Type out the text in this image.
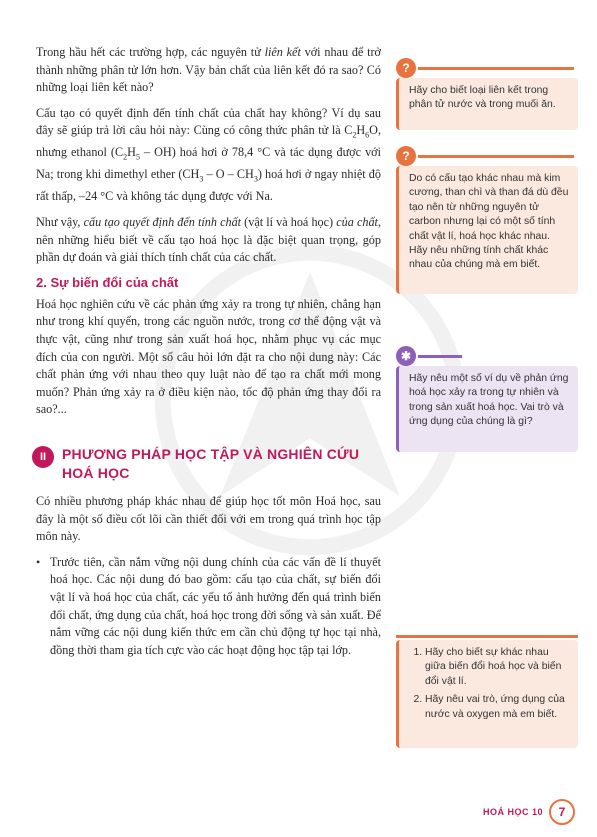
Trong hầu hết các trường hợp, các nguyên tử liên kết với nhau để trở thành những phân tử lớn hơn. Vậy bản chất của liên kết đó ra sao? Có những loại liên kết nào?

Cấu tạo có quyết định đến tính chất của chất hay không? Ví dụ sau đây sẽ giúp trả lời câu hỏi này: Cùng có công thức phân tử là $C_2H_6O$, nhưng ethanol $(C_2H_5 - OH)$ hoá hơi ở 78,4 °C và tác dụng được với Na; trong khi dimethyl ether ($CH_3$ – O – $CH_3$) hoá hơi ở ngay nhiệt độ rất thấp, –24 °C và không tác dụng được với Na.

Như vậy, cấu tạo quyết định đến tính chất (vật lí và hoá học) của chất, nên những hiểu biết về cấu tạo hoá học là đặc biệt quan trọng, góp phần dự đoán và giải thích tính chất của các chất.

2. Sự biến đổi của chất

Hoá học nghiên cứu về các phản ứng xảy ra trong tự nhiên, chẳng hạn như trong khí quyển, trong các nguồn nước, trong cơ thể động vật và thực vật, cũng như trong sản xuất hoá học, nhằm phục vụ các mục đích của con người. Một số câu hỏi lớn đặt ra cho nội dung này: Các chất phản ứng với nhau theo quy luật nào để tạo ra chất mới mong muốn? Phản ứng xảy ra ở điều kiện nào, tốc độ phản ứng thay đổi ra sao?...

II	PHƯƠNG PHÁP HỌC TẬP VÀ NGHIÊN CỨU HOÁ HỌC

Có nhiều phương pháp khác nhau để giúp học tốt môn Hoá học, sau đây là một số điều cốt lõi cần thiết đối với em trong quá trình học tập môn này.

• Trước tiên, cần nắm vững nội dung chính của các vấn đề lí thuyết hoá học. Các nội dung đó bao gồm: cấu tạo của chất, sự biến đổi vật lí và hoá học của chất, các yếu tố ảnh hưởng đến quá trình biến đổi chất, ứng dụng của chất, hoá học trong đời sống và sản xuất. Để nắm vững các nội dung kiến thức em cần chủ động tự học tại nhà, đồng thời tham gia tích cực vào các hoạt động học tập tại lớp.
?
Hãy cho biết loại liên kết trong phân tử nước và trong muối ăn.
?
Do có cấu tạo khác nhau mà kim cương, than chì và than đá dù đều tạo nên từ những nguyên tử carbon nhưng lại có một số tính chất vật lí, hoá học khác nhau. Hãy nêu những tính chất khác nhau của chúng mà em biết.
✱
Hãy nêu một số ví dụ về phản ứng hoá học xảy ra trong tự nhiên và trong sản xuất hoá học. Vai trò và ứng dụng của chúng là gì?
1. Hãy cho biết sự khác nhau giữa biến đổi hoá học và biến đổi vật lí.
2. Hãy nêu vai trò, ứng dụng của nước và oxygen mà em biết.
HOÁ HỌC 10	7
